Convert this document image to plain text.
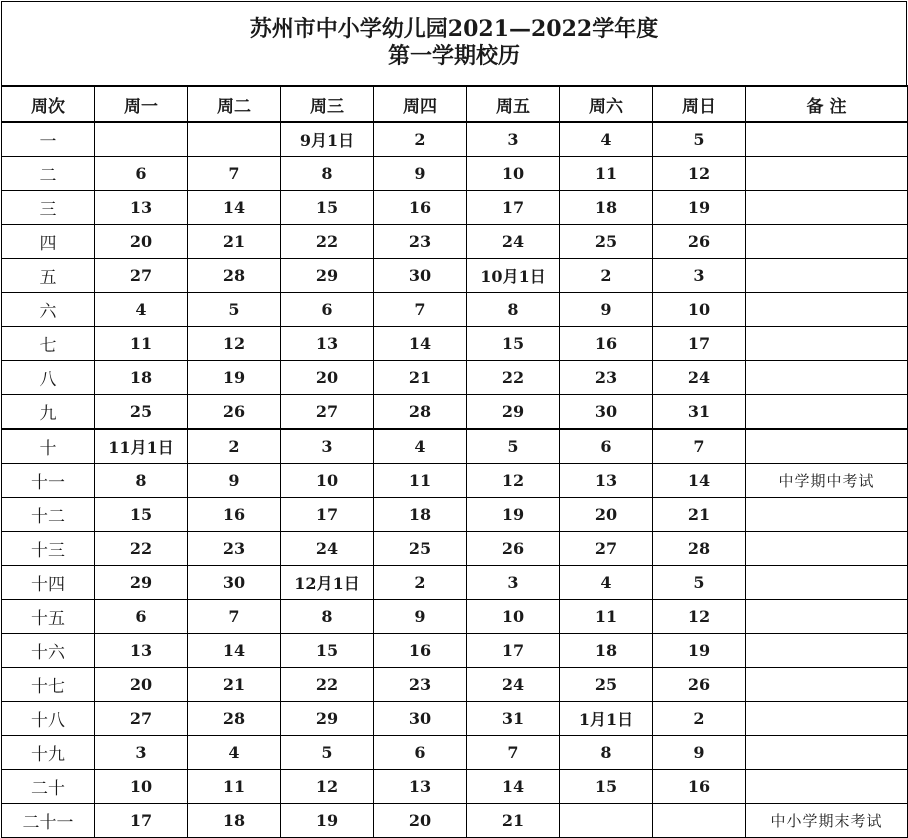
苏州市中小学幼儿园2021—2022学年度
第一学期校历
周次	周一	周二	周三	周四	周五	周六	周日	备 注
一			9月1日	2	3	4	5	
二	6	7	8	9	10	11	12	
三	13	14	15	16	17	18	19	
四	20	21	22	23	24	25	26	
五	27	28	29	30	10月1日	2	3	
六	4	5	6	7	8	9	10	
七	11	12	13	14	15	16	17	
八	18	19	20	21	22	23	24	
九	25	26	27	28	29	30	31	
十	11月1日	2	3	4	5	6	7	
十一	8	9	10	11	12	13	14	中学期中考试
十二	15	16	17	18	19	20	21	
十三	22	23	24	25	26	27	28	
十四	29	30	12月1日	2	3	4	5	
十五	6	7	8	9	10	11	12	
十六	13	14	15	16	17	18	19	
十七	20	21	22	23	24	25	26	
十八	27	28	29	30	31	1月1日	2	
十九	3	4	5	6	7	8	9	
二十	10	11	12	13	14	15	16	
二十一	17	18	19	20	21			中小学期末考试
